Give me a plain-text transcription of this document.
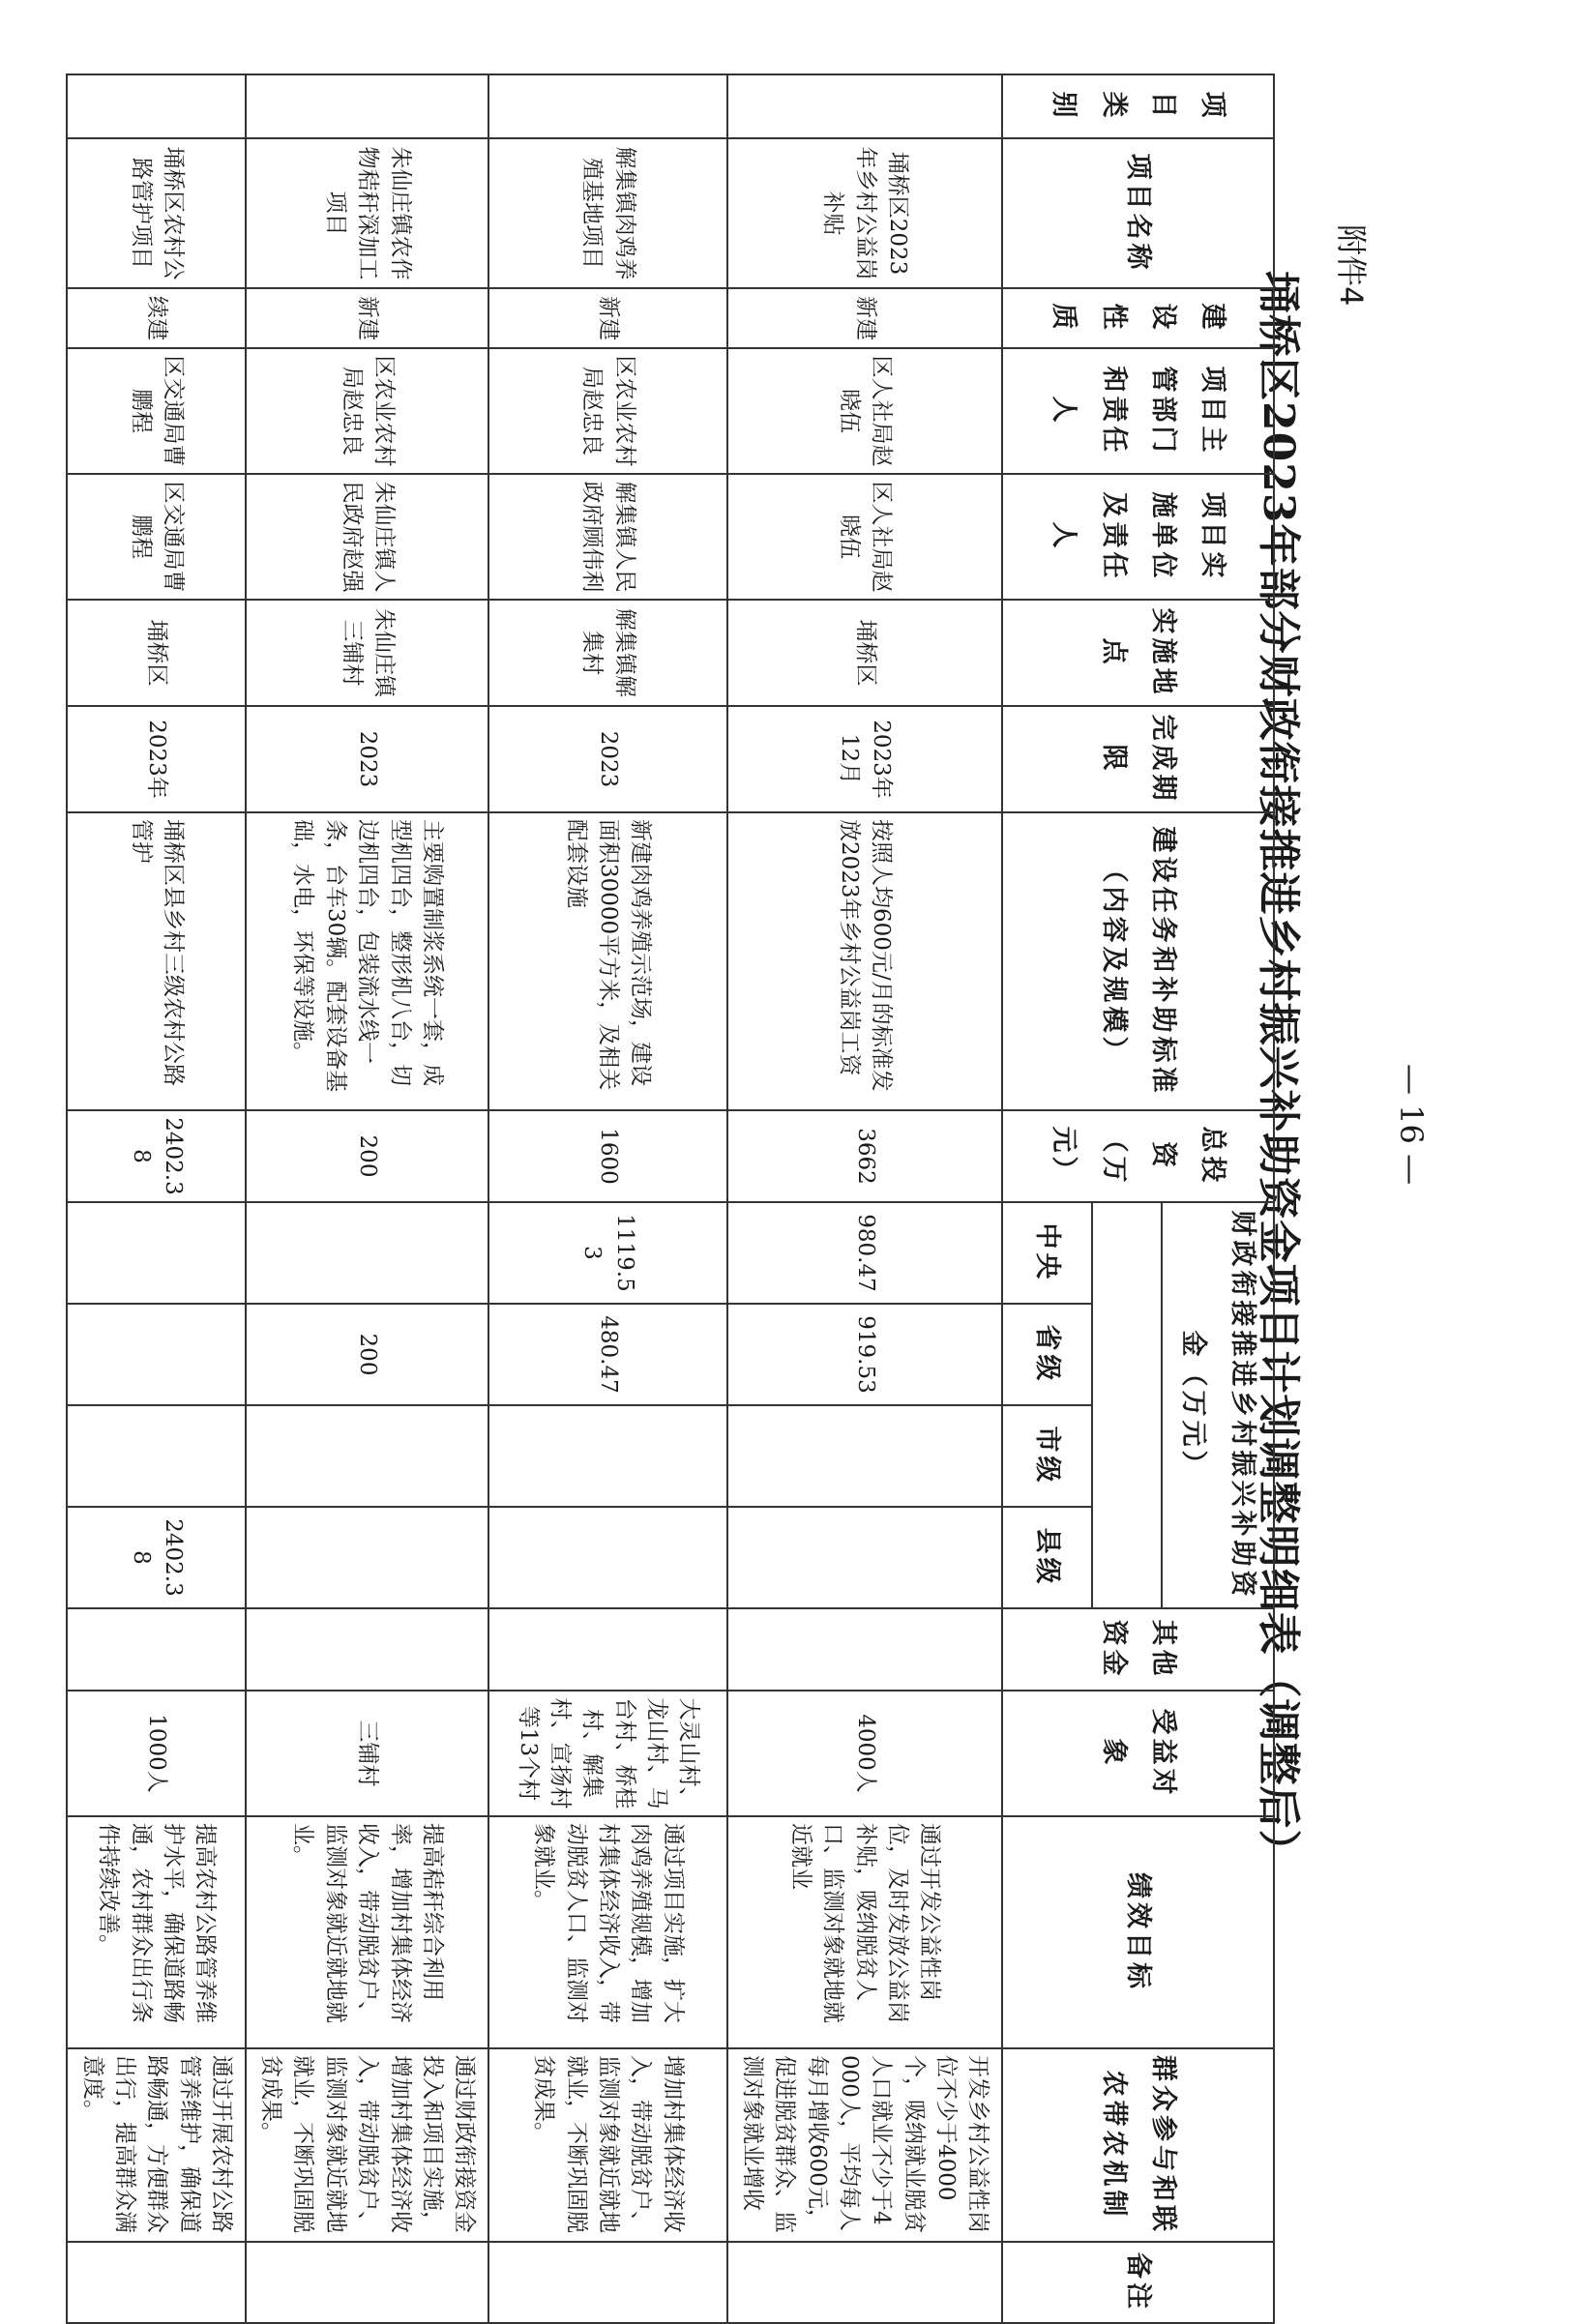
— 16 —
附件4
埇桥区2023年部分财政衔接推进乡村振兴补助资金项目计划调整明细表（调整后）
项目类别	项目名称	建设性质	项目主管部门和责任人	项目实施单位及责任人	实施地点	完成期限	建设任务和补助标准（内容及规模）	总投资（万元）	财政衔接推进乡村振兴补助资金（万元）				其他资金	受益对象	绩效目标	群众参与和联农带农机制	备注

									中央	省级	市级	县级					
	埇桥区2023年乡村公益岗补贴	新建	区人社局赵晓伍	区人社局赵晓伍	埇桥区	2023年12月	按照人均600元/月的标准发放2023年乡村公益岗工资	3662	980.47	919.53				4000人	通过开发公益性岗位，及时发放公益岗补贴，吸纳脱贫人口、监测对象就地就近就业	开发乡村公益性岗位不少于4000个，吸纳就业脱贫人口就业不少于4000人，平均每人每月增收600元，促进脱贫群众、监测对象就业增收	
	解集镇肉鸡养殖基地项目	新建	区农业农村局赵忠良	解集镇人民政府顾伟利	解集镇解集村	2023	新建肉鸡养殖示范场，建设面积30000平方米，及相关配套设施	1600	1119.53	480.47				大灵山村、龙山村、马台村、桥桂村、解集村、宣扬村等13个村	通过项目实施，扩大肉鸡养殖规模，增加村集体经济收入，带动脱贫人口、监测对象就业。	增加村集体经济收入，带动脱贫户、监测对象就近就地就业，不断巩固脱贫成果。	
	朱仙庄镇农作物秸秆深加工项目	新建	区农业农村局赵忠良	朱仙庄镇人民政府赵强	朱仙庄镇三铺村	2023	主要购置制浆系统一套，成型机四台，整形机八台，切边机四台，包装流水线一条，台车30辆。配套设备基础，水电，环保等设施。	200		200				三铺村	提高秸秆综合利用率，增加村集体经济收入，带动脱贫户、监测对象就近就地就业。	通过财政衔接资金投入和项目实施，增加村集体经济收入，带动脱贫户、监测对象就近就地就业，不断巩固脱贫成果。	
	埇桥区农村公路管护项目	续建	区交通局曹鹏程	区交通局曹鹏程	埇桥区	2023年	埇桥区县乡村三级农村公路管护	2402.38				2402.38		1000人	提高农村公路管养维护水平，确保道路畅通，农村群众出行条件持续改善。	通过开展农村公路管养维护，确保道路畅通，方便群众出行，提高群众满意度。	
